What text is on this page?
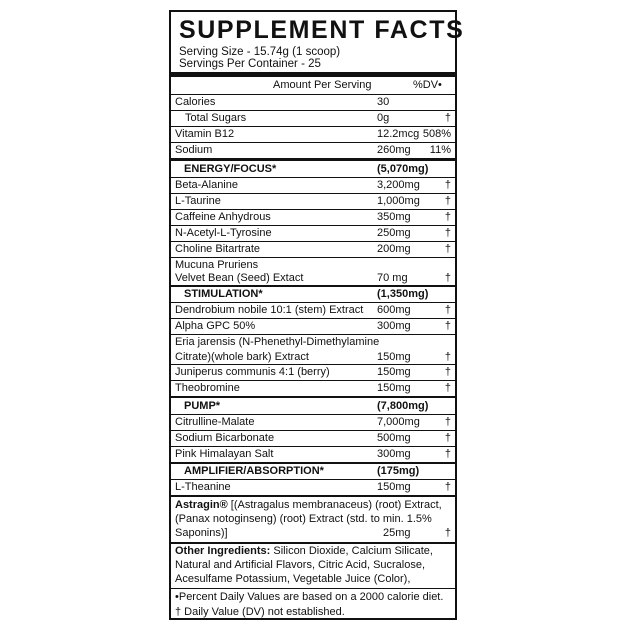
SUPPLEMENT FACTS
Serving Size - 15.74g (1 scoop)
Servings Per Container - 25
Amount Per Serving	%DV•
Calories	30
Total Sugars	0g	†
Vitamin B12	12.2mcg 508%
Sodium	260mg 11%
ENERGY/FOCUS*	(5,070mg)
Beta-Alanine	3,200mg †
L-Taurine	1,000mg †
Caffeine Anhydrous	350mg	†
N-Acetyl-L-Tyrosine	250mg	†
Choline Bitartrate	200mg	†
Mucuna Pruriens
Velvet Bean (Seed) Extact	70 mg	†
STIMULATION*	(1,350mg)
Dendrobium nobile 10:1 (stem) Extract 600mg	†
Alpha GPC 50%	300mg	†
Eria jarensis (N-Phenethyl-Dimethylamine
Citrate)(whole bark) Extract	150mg	†
Juniperus communis 4:1 (berry)	150mg	†
Theobromine	150mg	†
PUMP*	(7,800mg)
Citrulline-Malate	7,000mg †
Sodium Bicarbonate	500mg	†
Pink Himalayan Salt	300mg	†
AMPLIFIER/ABSORPTION*	(175mg)
L-Theanine	150mg	†
Astragin® [(Astragalus membranaceus) (root) Extract,
(Panax notoginseng) (root) Extract (std. to min. 1.5%
Saponins)]	25mg	†
Other Ingredients: Silicon Dioxide, Calcium Silicate,
Natural and Artificial Flavors, Citric Acid, Sucralose,
Acesulfame Potassium, Vegetable Juice (Color),
•Percent Daily Values are based on a 2000 calorie diet.
† Daily Value (DV) not established.
